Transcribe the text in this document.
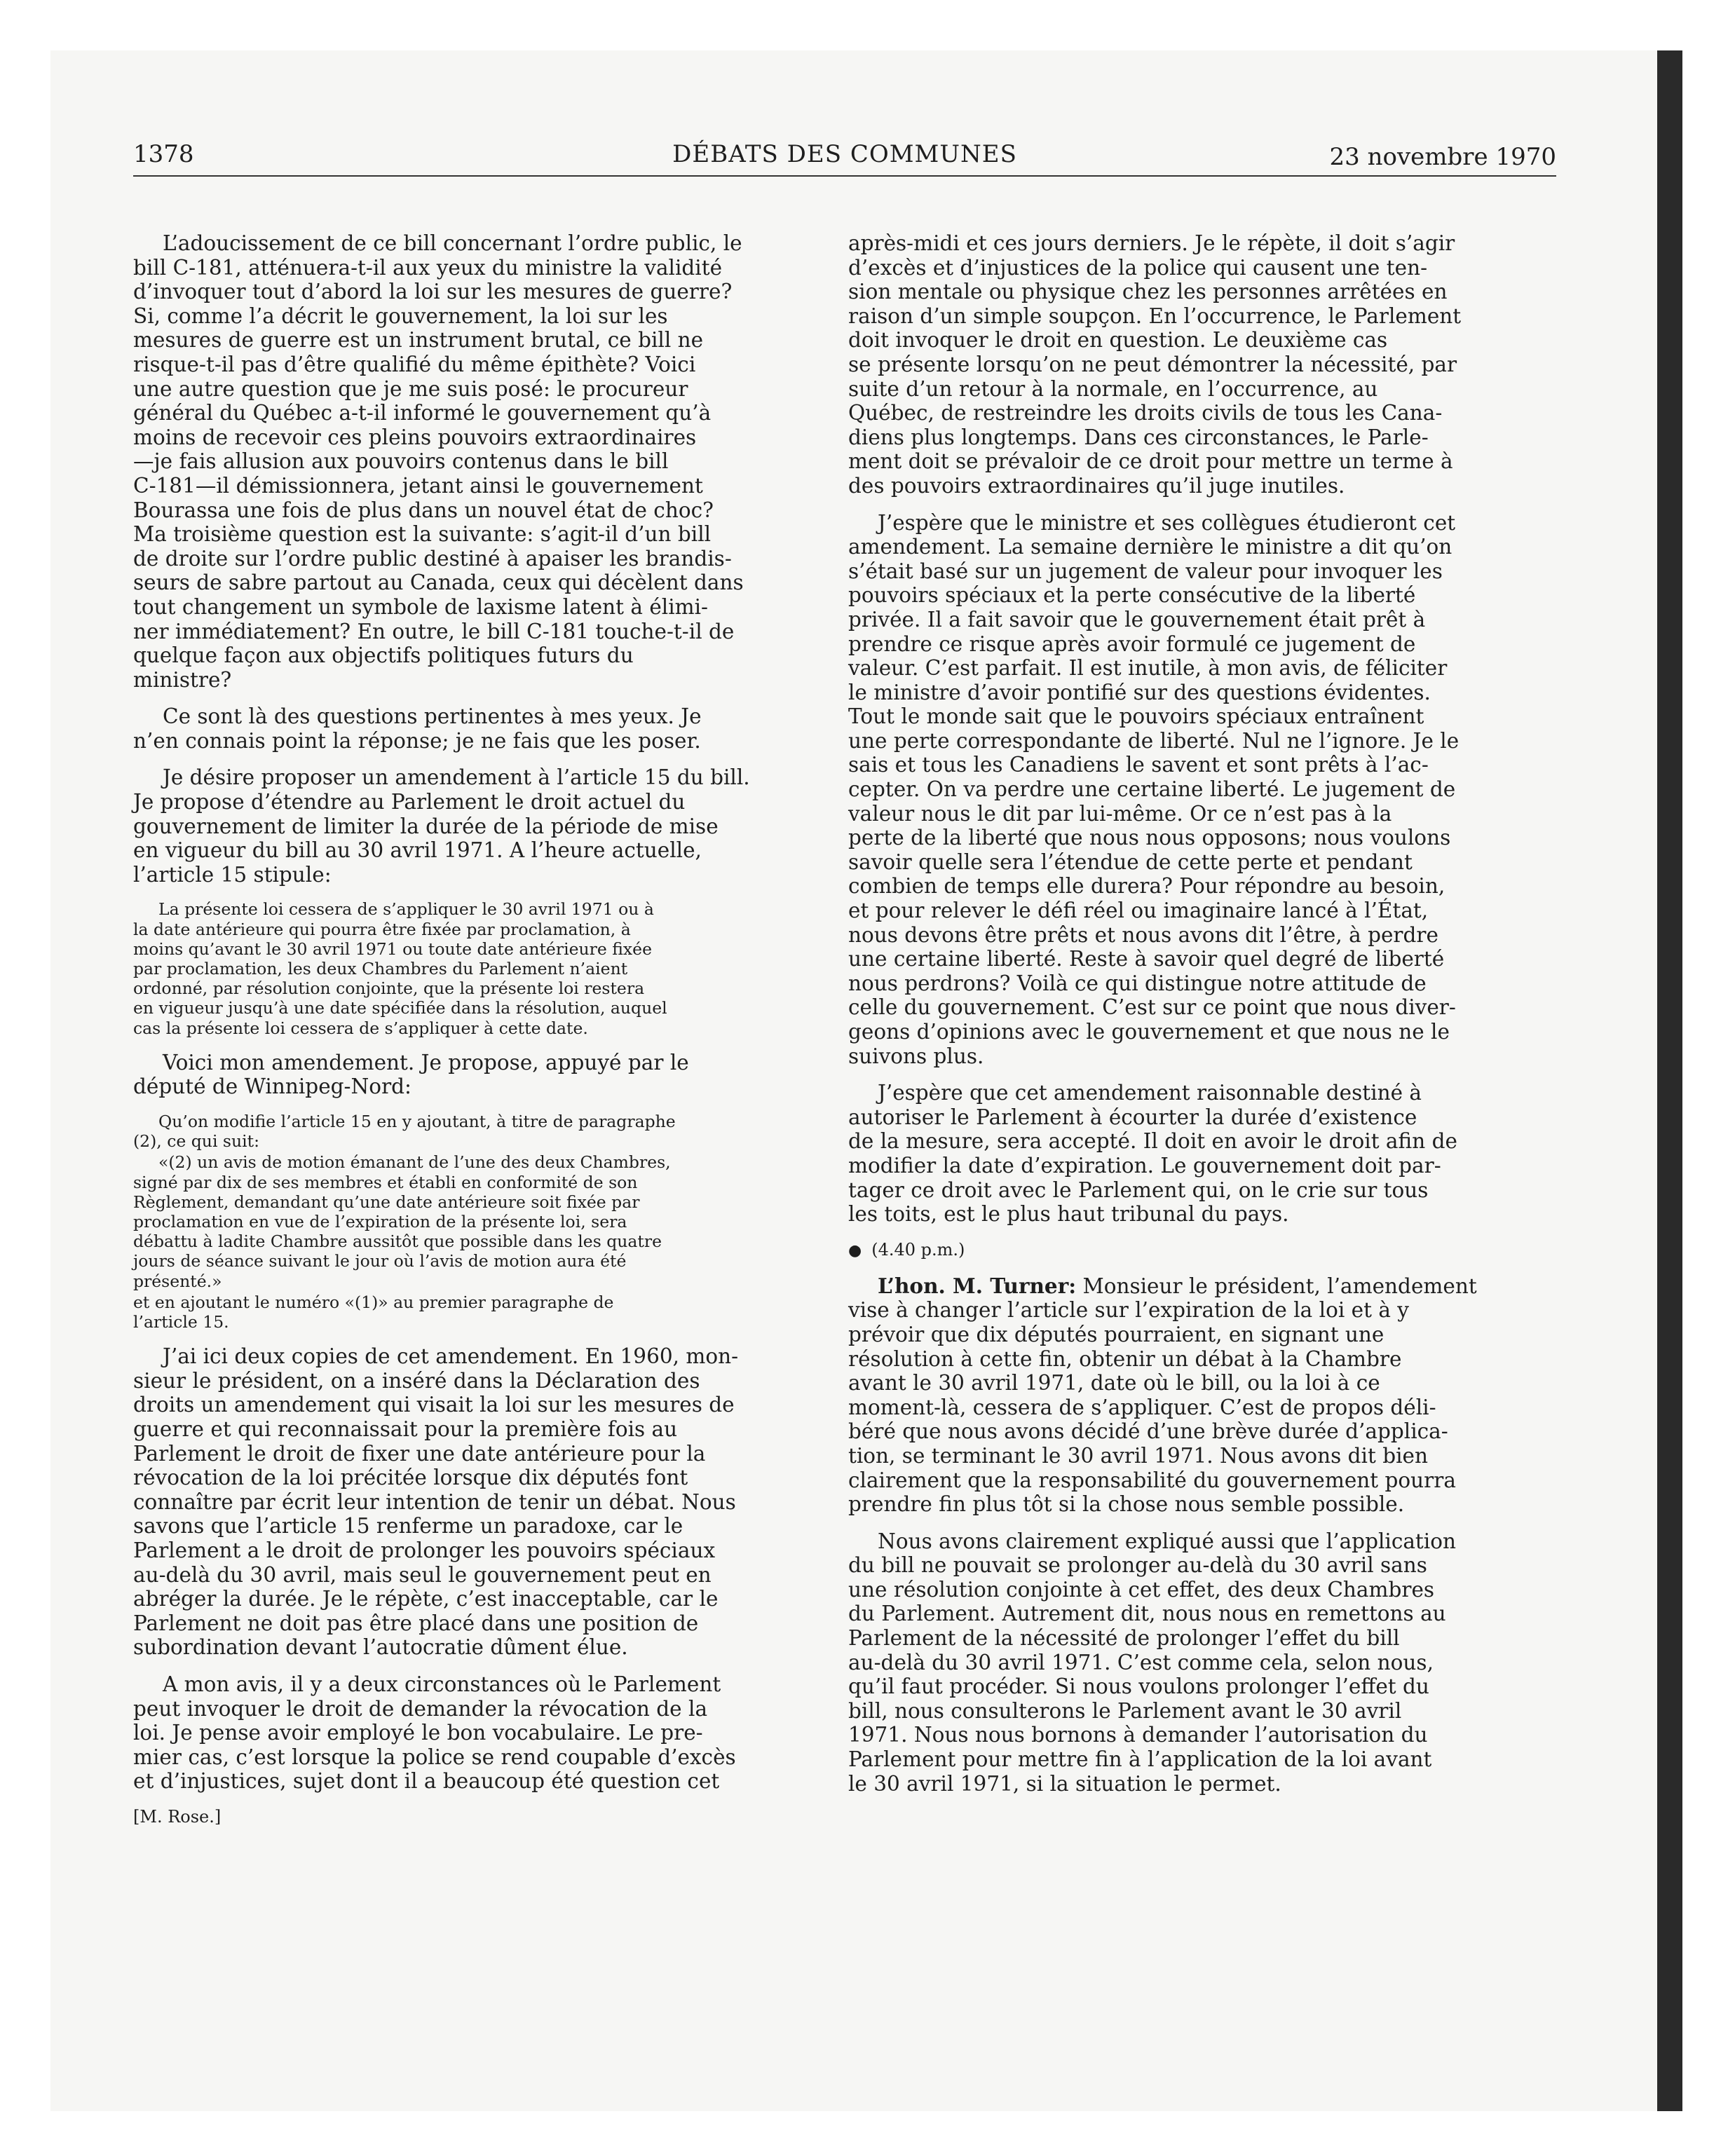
1378	DÉBATS DES COMMUNES	23 novembre 1970

L’adoucissement de ce bill concernant l’ordre public, le
bill C-181, atténuera-t-il aux yeux du ministre la validité
d’invoquer tout d’abord la loi sur les mesures de guerre?
Si, comme l’a décrit le gouvernement, la loi sur les
mesures de guerre est un instrument brutal, ce bill ne
risque-t-il pas d’être qualifié du même épithète? Voici
une autre question que je me suis posé: le procureur
général du Québec a-t-il informé le gouvernement qu’à
moins de recevoir ces pleins pouvoirs extraordinaires
—je fais allusion aux pouvoirs contenus dans le bill
C-181—il démissionnera, jetant ainsi le gouvernement
Bourassa une fois de plus dans un nouvel état de choc?
Ma troisième question est la suivante: s’agit-il d’un bill
de droite sur l’ordre public destiné à apaiser les brandis-
seurs de sabre partout au Canada, ceux qui décèlent dans
tout changement un symbole de laxisme latent à élimi-
ner immédiatement? En outre, le bill C-181 touche-t-il de
quelque façon aux objectifs politiques futurs du
ministre?

Ce sont là des questions pertinentes à mes yeux. Je
n’en connais point la réponse; je ne fais que les poser.

Je désire proposer un amendement à l’article 15 du bill.
Je propose d’étendre au Parlement le droit actuel du
gouvernement de limiter la durée de la période de mise
en vigueur du bill au 30 avril 1971. A l’heure actuelle,
l’article 15 stipule:

La présente loi cessera de s’appliquer le 30 avril 1971 ou à
la date antérieure qui pourra être fixée par proclamation, à
moins qu’avant le 30 avril 1971 ou toute date antérieure fixée
par proclamation, les deux Chambres du Parlement n’aient
ordonné, par résolution conjointe, que la présente loi restera
en vigueur jusqu’à une date spécifiée dans la résolution, auquel
cas la présente loi cessera de s’appliquer à cette date.

Voici mon amendement. Je propose, appuyé par le
député de Winnipeg-Nord:

Qu’on modifie l’article 15 en y ajoutant, à titre de paragraphe
(2), ce qui suit:

«(2) un avis de motion émanant de l’une des deux Chambres,
signé par dix de ses membres et établi en conformité de son
Règlement, demandant qu’une date antérieure soit fixée par
proclamation en vue de l’expiration de la présente loi, sera
débattu à ladite Chambre aussitôt que possible dans les quatre
jours de séance suivant le jour où l’avis de motion aura été
présenté.»

et en ajoutant le numéro «(1)» au premier paragraphe de
l’article 15.

J’ai ici deux copies de cet amendement. En 1960, mon-
sieur le président, on a inséré dans la Déclaration des
droits un amendement qui visait la loi sur les mesures de
guerre et qui reconnaissait pour la première fois au
Parlement le droit de fixer une date antérieure pour la
révocation de la loi précitée lorsque dix députés font
connaître par écrit leur intention de tenir un débat. Nous
savons que l’article 15 renferme un paradoxe, car le
Parlement a le droit de prolonger les pouvoirs spéciaux
au-delà du 30 avril, mais seul le gouvernement peut en
abréger la durée. Je le répète, c’est inacceptable, car le
Parlement ne doit pas être placé dans une position de
subordination devant l’autocratie dûment élue.

A mon avis, il y a deux circonstances où le Parlement
peut invoquer le droit de demander la révocation de la
loi. Je pense avoir employé le bon vocabulaire. Le pre-
mier cas, c’est lorsque la police se rend coupable d’excès
et d’injustices, sujet dont il a beaucoup été question cet

[M. Rose.]

après-midi et ces jours derniers. Je le répète, il doit s’agir
d’excès et d’injustices de la police qui causent une ten-
sion mentale ou physique chez les personnes arrêtées en
raison d’un simple soupçon. En l’occurrence, le Parlement
doit invoquer le droit en question. Le deuxième cas
se présente lorsqu’on ne peut démontrer la nécessité, par
suite d’un retour à la normale, en l’occurrence, au
Québec, de restreindre les droits civils de tous les Cana-
diens plus longtemps. Dans ces circonstances, le Parle-
ment doit se prévaloir de ce droit pour mettre un terme à
des pouvoirs extraordinaires qu’il juge inutiles.

J’espère que le ministre et ses collègues étudieront cet
amendement. La semaine dernière le ministre a dit qu’on
s’était basé sur un jugement de valeur pour invoquer les
pouvoirs spéciaux et la perte consécutive de la liberté
privée. Il a fait savoir que le gouvernement était prêt à
prendre ce risque après avoir formulé ce jugement de
valeur. C’est parfait. Il est inutile, à mon avis, de féliciter
le ministre d’avoir pontifié sur des questions évidentes.
Tout le monde sait que le pouvoirs spéciaux entraînent
une perte correspondante de liberté. Nul ne l’ignore. Je le
sais et tous les Canadiens le savent et sont prêts à l’ac-
cepter. On va perdre une certaine liberté. Le jugement de
valeur nous le dit par lui-même. Or ce n’est pas à la
perte de la liberté que nous nous opposons; nous voulons
savoir quelle sera l’étendue de cette perte et pendant
combien de temps elle durera? Pour répondre au besoin,
et pour relever le défi réel ou imaginaire lancé à l’État,
nous devons être prêts et nous avons dit l’être, à perdre
une certaine liberté. Reste à savoir quel degré de liberté
nous perdrons? Voilà ce qui distingue notre attitude de
celle du gouvernement. C’est sur ce point que nous diver-
geons d’opinions avec le gouvernement et que nous ne le
suivons plus.

J’espère que cet amendement raisonnable destiné à
autoriser le Parlement à écourter la durée d’existence
de la mesure, sera accepté. Il doit en avoir le droit afin de
modifier la date d’expiration. Le gouvernement doit par-
tager ce droit avec le Parlement qui, on le crie sur tous
les toits, est le plus haut tribunal du pays.

● (4.40 p.m.)

L’hon. M. Turner: Monsieur le président, l’amendement
vise à changer l’article sur l’expiration de la loi et à y
prévoir que dix députés pourraient, en signant une
résolution à cette fin, obtenir un débat à la Chambre
avant le 30 avril 1971, date où le bill, ou la loi à ce
moment-là, cessera de s’appliquer. C’est de propos déli-
béré que nous avons décidé d’une brève durée d’applica-
tion, se terminant le 30 avril 1971. Nous avons dit bien
clairement que la responsabilité du gouvernement pourra
prendre fin plus tôt si la chose nous semble possible.

Nous avons clairement expliqué aussi que l’application
du bill ne pouvait se prolonger au-delà du 30 avril sans
une résolution conjointe à cet effet, des deux Chambres
du Parlement. Autrement dit, nous nous en remettons au
Parlement de la nécessité de prolonger l’effet du bill
au-delà du 30 avril 1971. C’est comme cela, selon nous,
qu’il faut procéder. Si nous voulons prolonger l’effet du
bill, nous consulterons le Parlement avant le 30 avril
1971. Nous nous bornons à demander l’autorisation du
Parlement pour mettre fin à l’application de la loi avant
le 30 avril 1971, si la situation le permet.
